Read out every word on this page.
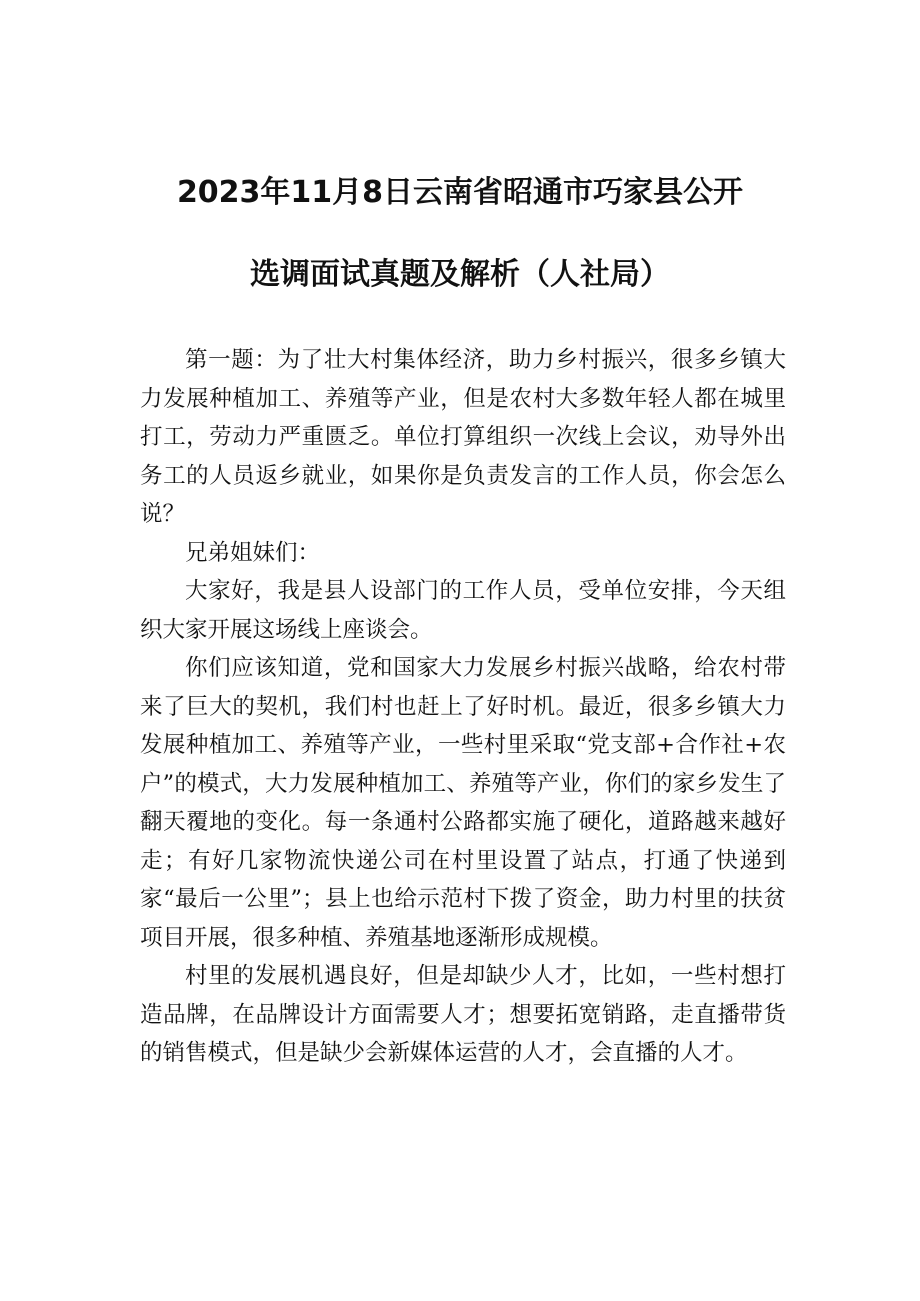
2023年11月8日云南省昭通市巧家县公开
选调面试真题及解析（人社局）

第一题：为了壮大村集体经济，助力乡村振兴，很多乡镇大力发展种植加工、养殖等产业，但是农村大多数年轻人都在城里打工，劳动力严重匮乏。单位打算组织一次线上会议，劝导外出务工的人员返乡就业，如果你是负责发言的工作人员，你会怎么说？

兄弟姐妹们：

大家好，我是县人设部门的工作人员，受单位安排，今天组织大家开展这场线上座谈会。

你们应该知道，党和国家大力发展乡村振兴战略，给农村带来了巨大的契机，我们村也赶上了好时机。最近，很多乡镇大力发展种植加工、养殖等产业，一些村里采取“党支部+合作社+农户”的模式，大力发展种植加工、养殖等产业，你们的家乡发生了翻天覆地的变化。每一条通村公路都实施了硬化，道路越来越好走；有好几家物流快递公司在村里设置了站点，打通了快递到家“最后一公里”；县上也给示范村下拨了资金，助力村里的扶贫项目开展，很多种植、养殖基地逐渐形成规模。

村里的发展机遇良好，但是却缺少人才，比如，一些村想打造品牌，在品牌设计方面需要人才；想要拓宽销路，走直播带货的销售模式，但是缺少会新媒体运营的人才，会直播的人才。
